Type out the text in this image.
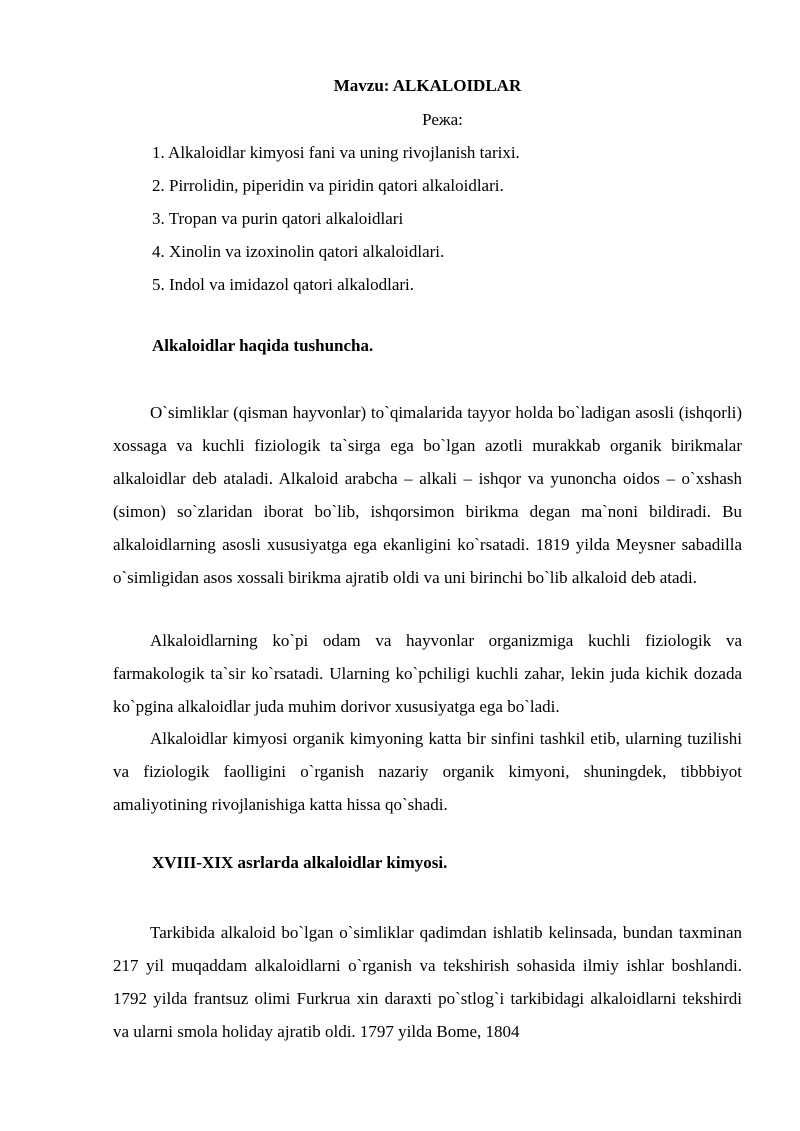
Mavzu: ALKALOIDLAR
Режа:
1. Alkaloidlar kimyosi fani va uning rivojlanish tarixi.
2. Pirrolidin, piperidin va piridin qatori alkaloidlari.
3. Tropan va purin qatori alkaloidlari
4. Xinolin va izoxinolin qatori alkaloidlari.
5. Indol va imidazol qatori alkalodlari.
Alkaloidlar haqida tushuncha.

O`simliklar (qisman hayvonlar) to`qimalarida tayyor holda bo`ladigan asosli (ishqorli) xossaga va kuchli fiziologik ta`sirga ega bo`lgan azotli murakkab organik birikmalar alkaloidlar deb ataladi. Alkaloid arabcha – alkali – ishqor va yunoncha oidos – o`xshash (simon) so`zlaridan iborat bo`lib, ishqorsimon birikma degan ma`noni bildiradi. Bu alkaloidlarning asosli xususiyatga ega ekanligini ko`rsatadi. 1819 yilda Meysner sabadilla o`simligidan asos xossali birikma ajratib oldi va uni birinchi bo`lib alkaloid deb atadi.

Alkaloidlarning ko`pi odam va hayvonlar organizmiga kuchli fiziologik va farmakologik ta`sir ko`rsatadi. Ularning ko`pchiligi kuchli zahar, lekin juda kichik dozada ko`pgina alkaloidlar juda muhim dorivor xususiyatga ega bo`ladi.

Alkaloidlar kimyosi organik kimyoning katta bir sinfini tashkil etib, ularning tuzilishi va fiziologik faolligini o`rganish nazariy organik kimyoni, shuningdek, tibbbiyot amaliyotining rivojlanishiga katta hissa qo`shadi.

XVIII-XIX asrlarda alkaloidlar kimyosi.

Tarkibida alkaloid bo`lgan o`simliklar qadimdan ishlatib kelinsada, bundan taxminan 217 yil muqaddam alkaloidlarni o`rganish va tekshirish sohasida ilmiy ishlar boshlandi. 1792 yilda frantsuz olimi Furkrua xin daraxti po`stlog`i tarkibidagi alkaloidlarni tekshirdi va ularni smola holiday ajratib oldi. 1797 yilda Bome, 1804
